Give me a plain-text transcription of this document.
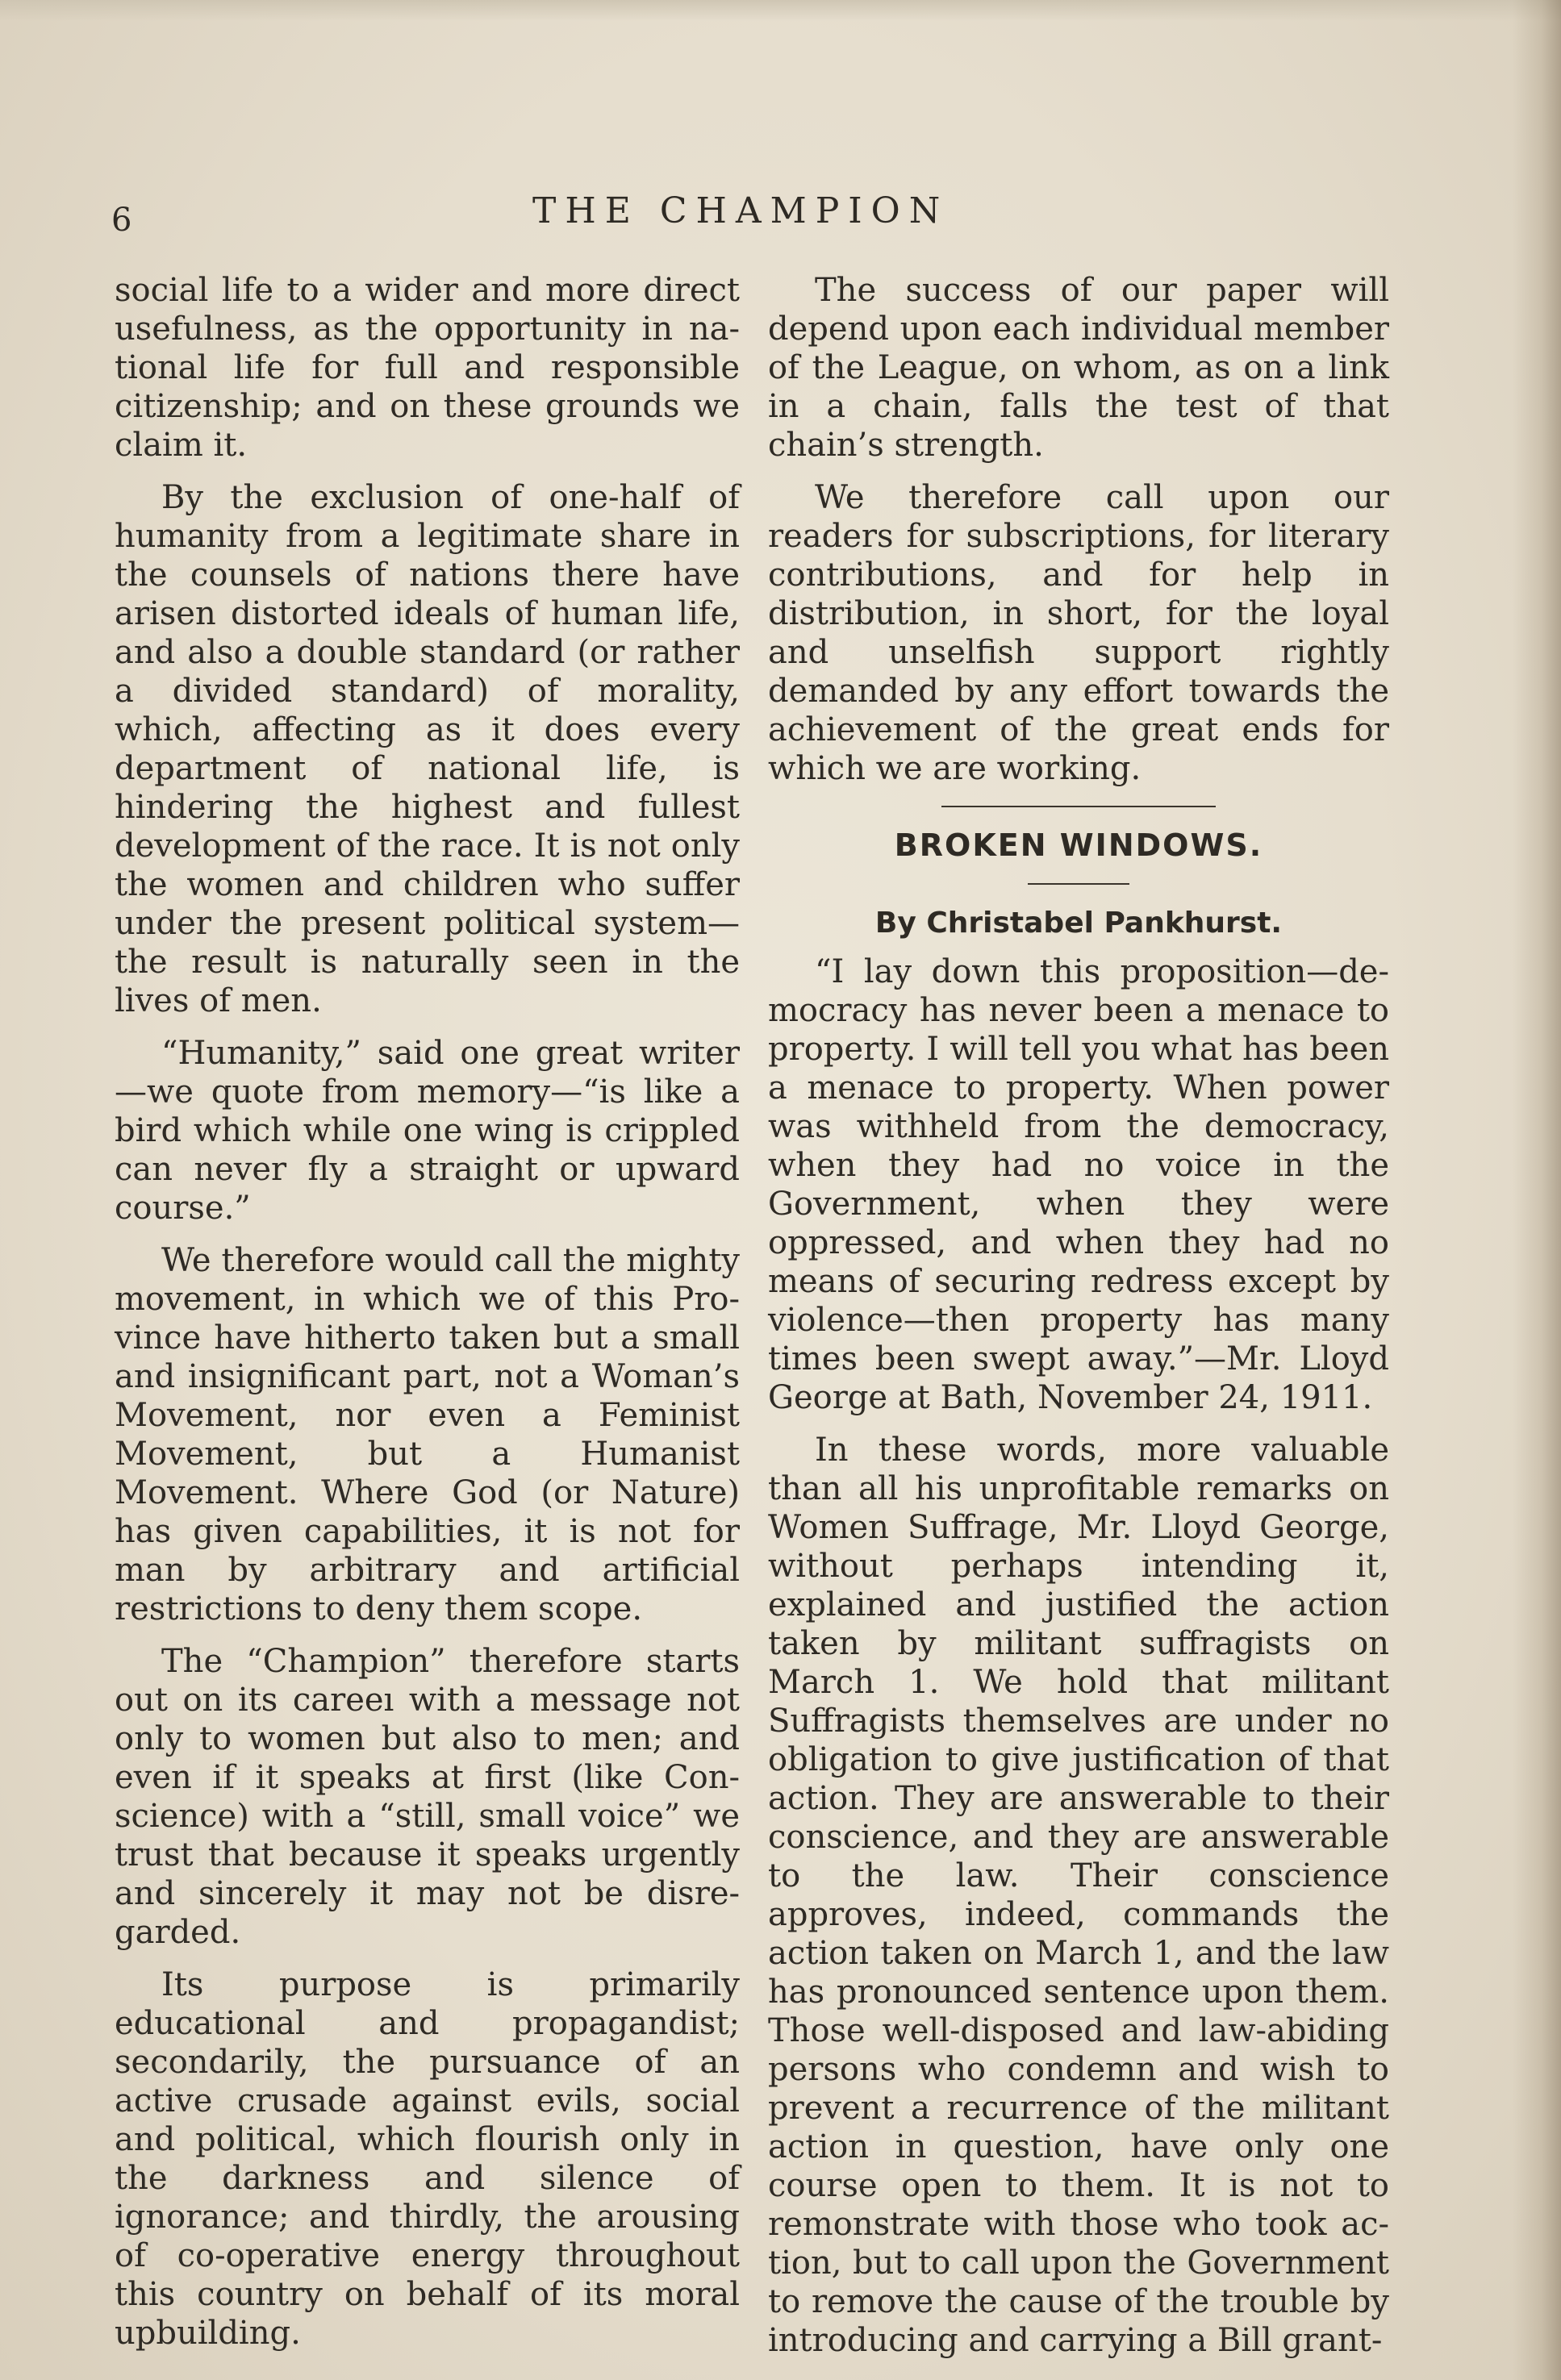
6	THE CHAMPION

social life to a wider and more direct usefulness, as the opportunity in national life for full and responsible citizenship; and on these grounds we claim it.

By the exclusion of one-half of humanity from a legitimate share in the counsels of nations there have arisen distorted ideals of human life, and also a double standard (or rather a divided standard) of morality, which, affecting as it does every department of national life, is hindering the highest and fullest development of the race. It is not only the women and children who suffer under the present political system—the result is naturally seen in the lives of men.

“Humanity,” said one great writer —we quote from memory—“is like a bird which while one wing is crippled can never fly a straight or upward course.”

We therefore would call the mighty movement, in which we of this Province have hitherto taken but a small and insignificant part, not a Woman’s Movement, nor even a Feminist Movement, but a Humanist Movement. Where God (or Nature) has given capabilities, it is not for man by arbitrary and artificial restrictions to deny them scope.

The “Champion” therefore starts out on its careeı with a message not only to women but also to men; and even if it speaks at first (like Conscience) with a “still, small voice” we trust that because it speaks urgently and sincerely it may not be disregarded.

Its purpose is primarily educational and propagandist; secondarily, the pursuance of an active crusade against evils, social and political, which flourish only in the darkness and silence of ignorance; and thirdly, the arousing of co-operative energy throughout this country on behalf of its moral upbuilding.

The success of our paper will depend upon each individual member of the League, on whom, as on a link in a chain, falls the test of that chain’s strength.

We therefore call upon our readers for subscriptions, for literary contributions, and for help in distribution, in short, for the loyal and unselfish support rightly demanded by any effort towards the achievement of the great ends for which we are working.

BROKEN WINDOWS.
By Christabel Pankhurst.

“I lay down this proposition—democracy has never been a menace to property. I will tell you what has been a menace to property. When power was withheld from the democracy, when they had no voice in the Government, when they were oppressed, and when they had no means of securing redress except by violence—then property has many times been swept away.”—Mr. Lloyd George at Bath, November 24, 1911.

In these words, more valuable than all his unprofitable remarks on Women Suffrage, Mr. Lloyd George, without perhaps intending it, explained and justified the action taken by militant suffragists on March 1. We hold that militant Suffragists themselves are under no obligation to give justification of that action. They are answerable to their conscience, and they are answerable to the law. Their conscience approves, indeed, commands the action taken on March 1, and the law has pronounced sentence upon them. Those well-disposed and law-abiding persons who condemn and wish to prevent a recurrence of the militant action in question, have only one course open to them. It is not to remonstrate with those who took action, but to call upon the Government to remove the cause of the trouble by introducing and carrying a Bill grant-
